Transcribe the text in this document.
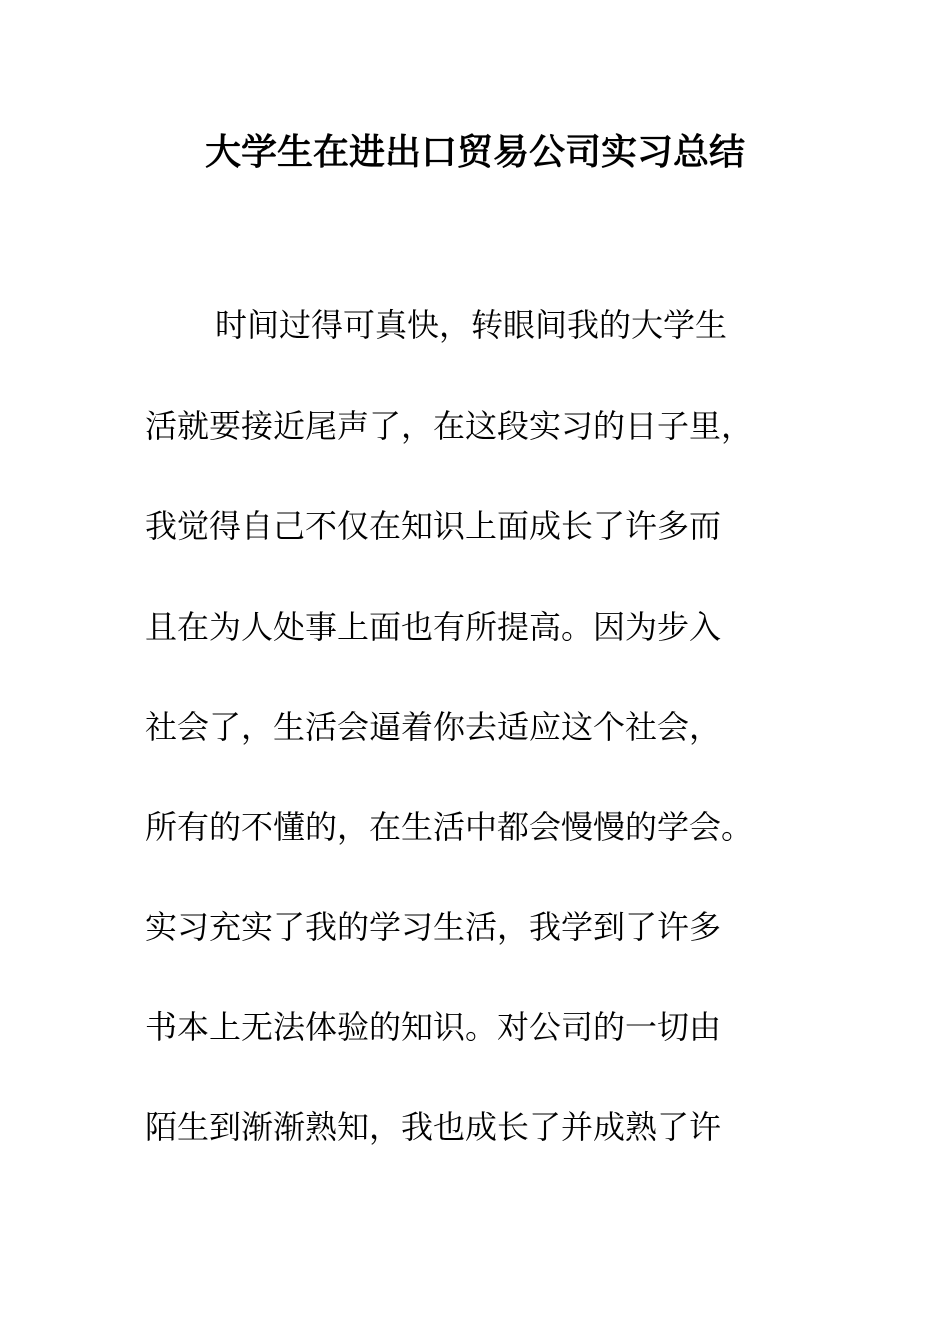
大学生在进出口贸易公司实习总结
时间过得可真快，转眼间我的大学生
活就要接近尾声了，在这段实习的日子里，
我觉得自己不仅在知识上面成长了许多而
且在为人处事上面也有所提高。因为步入
社会了，生活会逼着你去适应这个社会，
所有的不懂的，在生活中都会慢慢的学会。
实习充实了我的学习生活，我学到了许多
书本上无法体验的知识。对公司的一切由
陌生到渐渐熟知，我也成长了并成熟了许
